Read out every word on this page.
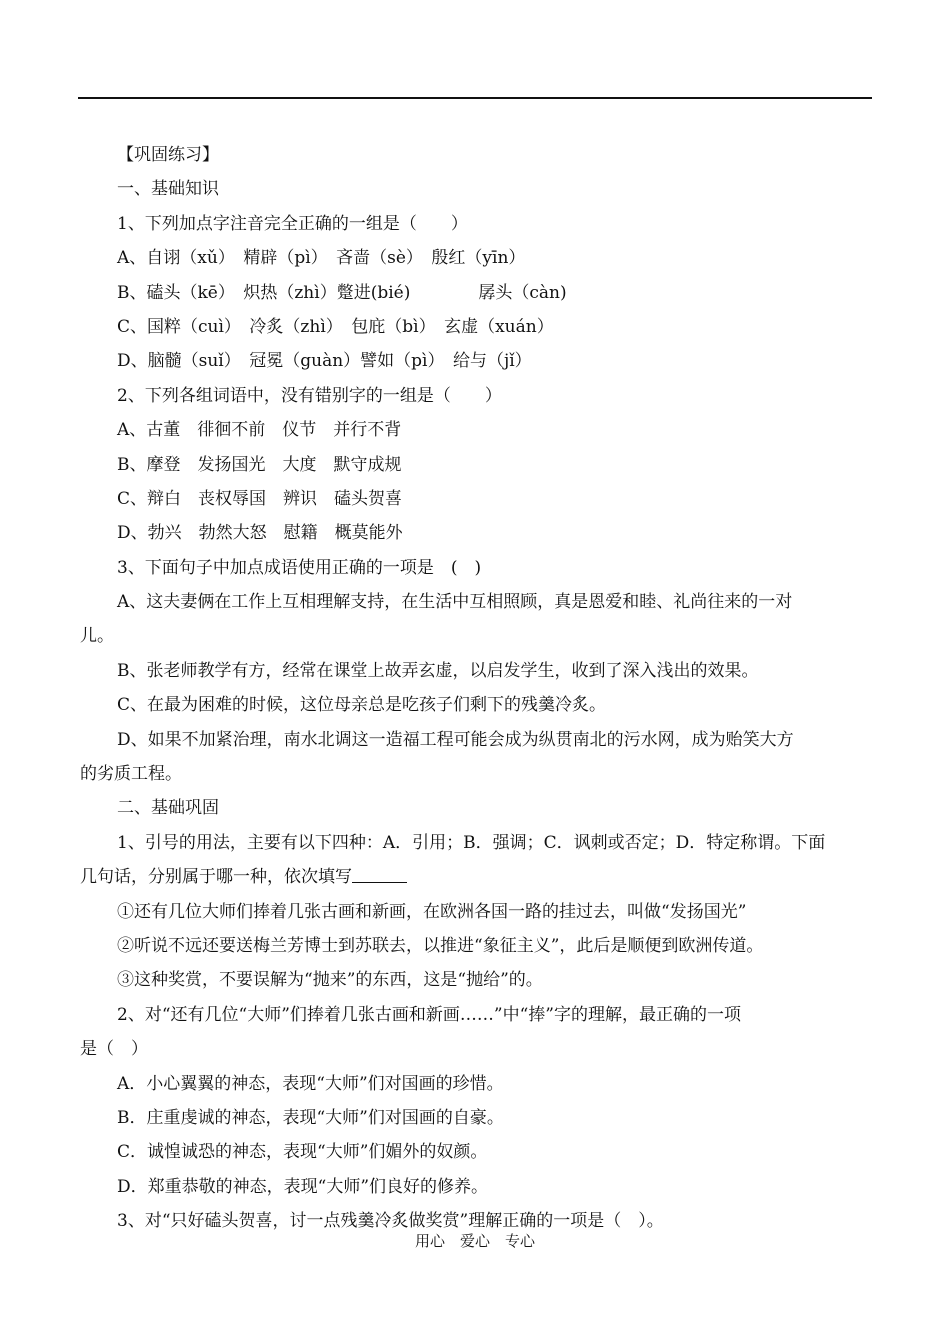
【巩固练习】
一、基础知识
1、下列加点字注音完全正确的一组是（　　）
A、自诩（xǔ）　精辟（pì）　吝啬（sè）　殷红（yīn）
B、磕头（kē）　炽热（zhì）蹩进(bié)　　　　孱头（càn)
C、国粹（cuì）　冷炙（zhì）　包庇（bì）　玄虚（xuán）
D、脑髓（suǐ）　冠冕（guàn）譬如（pì）　给与（jǐ）
2、下列各组词语中，没有错别字的一组是（　　）
A、古董　徘徊不前　仪节　并行不背
B、摩登　发扬国光　大度　默守成规
C、辩白　丧权辱国　辨识　磕头贺喜
D、勃兴　勃然大怒　慰籍　概莫能外
3、下面句子中加点成语使用正确的一项是　(　)
A、这夫妻俩在工作上互相理解支持，在生活中互相照顾，真是恩爱和睦、礼尚往来的一对
儿。
B、张老师教学有方，经常在课堂上故弄玄虚，以启发学生，收到了深入浅出的效果。
C、在最为困难的时候，这位母亲总是吃孩子们剩下的残羹冷炙。
D、如果不加紧治理，南水北调这一造福工程可能会成为纵贯南北的污水网，成为贻笑大方
的劣质工程。
二、基础巩固
1、引号的用法，主要有以下四种：A．引用；B．强调；C．讽刺或否定；D．特定称谓。下面
几句话，分别属于哪一种，依次填写
①还有几位大师们捧着几张古画和新画，在欧洲各国一路的挂过去，叫做“发扬国光”
②听说不远还要送梅兰芳博士到苏联去，以推进“象征主义”，此后是顺便到欧洲传道。
③这种奖赏，不要误解为“抛来”的东西，这是“抛给”的。
2、对“还有几位“大师”们捧着几张古画和新画……”中“捧”字的理解，最正确的一项
是（　）
A．小心翼翼的神态，表现“大师”们对国画的珍惜。
B．庄重虔诚的神态，表现“大师”们对国画的自豪。
C．诚惶诚恐的神态，表现“大师”们媚外的奴颜。
D．郑重恭敬的神态，表现“大师”们良好的修养。
3、对“只好磕头贺喜，讨一点残羹冷炙做奖赏”理解正确的一项是（　）。
用心　爱心　专心
